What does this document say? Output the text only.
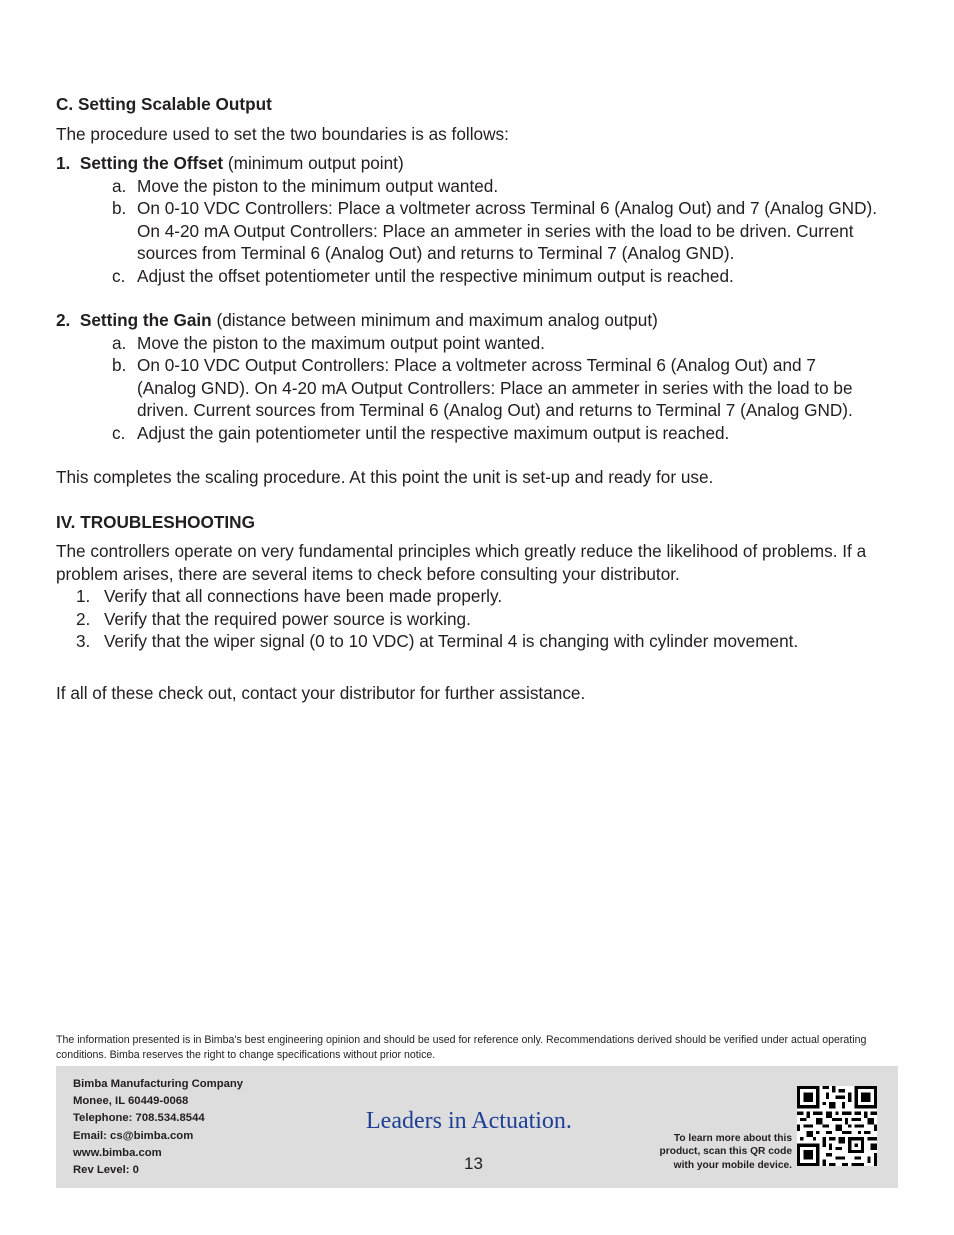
C. Setting Scalable Output

The procedure used to set the two boundaries is as follows:

1. Setting the Offset (minimum output point)

a. Move the piston to the minimum output wanted.

b. On 0-10 VDC Controllers: Place a voltmeter across Terminal 6 (Analog Out) and 7 (Analog GND). On 4-20 mA Output Controllers: Place an ammeter in series with the load to be driven. Current sources from Terminal 6 (Analog Out) and returns to Terminal 7 (Analog GND).

c. Adjust the offset potentiometer until the respective minimum output is reached.

2. Setting the Gain (distance between minimum and maximum analog output)

a. Move the piston to the maximum output point wanted.

b. On 0-10 VDC Output Controllers: Place a voltmeter across Terminal 6 (Analog Out) and 7 (Analog GND). On 4-20 mA Output Controllers: Place an ammeter in series with the load to be driven. Current sources from Terminal 6 (Analog Out) and returns to Terminal 7 (Analog GND).

c. Adjust the gain potentiometer until the respective maximum output is reached.

This completes the scaling procedure. At this point the unit is set-up and ready for use.

IV. TROUBLESHOOTING

The controllers operate on very fundamental principles which greatly reduce the likelihood of problems. If a problem arises, there are several items to check before consulting your distributor.

1. Verify that all connections have been made properly.

2. Verify that the required power source is working.

3. Verify that the wiper signal (0 to 10 VDC) at Terminal 4 is changing with cylinder movement.

If all of these check out, contact your distributor for further assistance.

The information presented is in Bimba's best engineering opinion and should be used for reference only. Recommendations derived should be verified under actual operating conditions. Bimba reserves the right to change specifications without prior notice.
Bimba Manufacturing Company
Monee, IL 60449-0068
Telephone: 708.534.8544
Email: cs@bimba.com
www.bimba.com
Rev Level: 0
Leaders in Actuation.
13
To learn more about this product, scan this QR code with your mobile device.
